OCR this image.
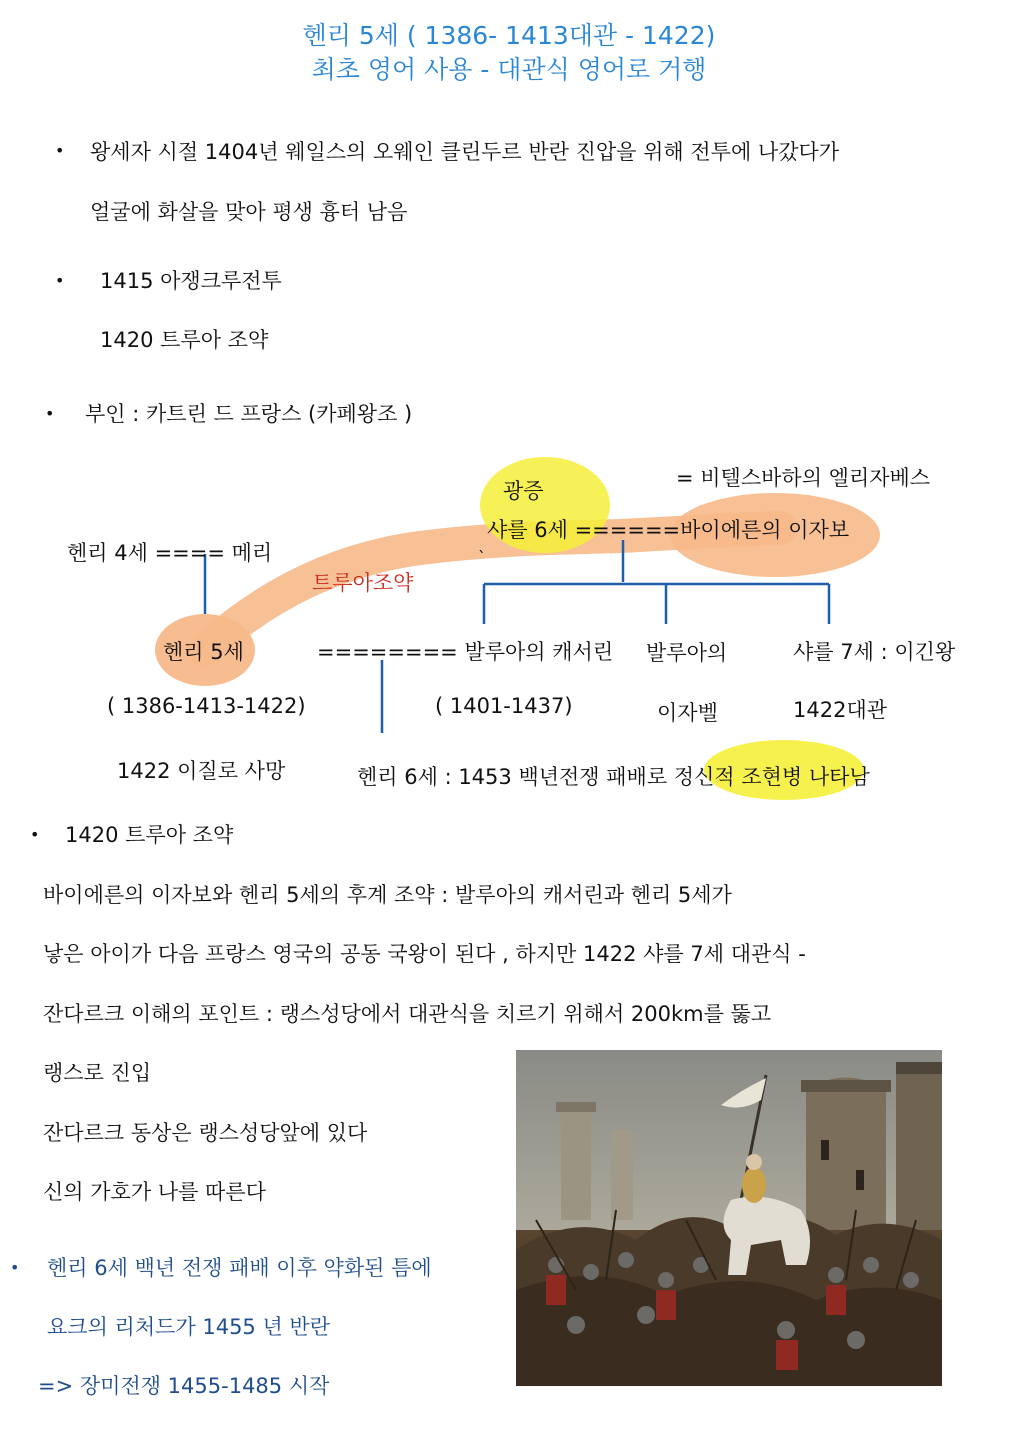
헨리 5세 ( 1386- 1413대관 - 1422)
최초 영어 사용 - 대관식 영어로 거행
• 왕세자 시절 1404년 웨일스의 오웨인 클린두르 반란 진압을 위해 전투에 나갔다가
얼굴에 화살을 맞아 평생 흉터 남음
• 1415 아쟁크루전투
1420 트루아 조약
• 부인 : 카트린 드 프랑스 (카페왕조 )
= 비텔스바하의 엘리자베스
광증
샤를 6세 ======바이에른의 이자보
헨리 4세 ==== 메리	`
트루아조약
헨리 5세	======== 발루아의 캐서린 발루아의	샤를 7세 : 이긴왕
( 1386-1413-1422)	( 1401-1437)	이자벨	1422대관
1422 이질로 사망	헨리 6세 : 1453 백년전쟁 패배로 정신적 조현병 나타남
• 1420 트루아 조약
바이에른의 이자보와 헨리 5세의 후계 조약 : 발루아의 캐서린과 헨리 5세가
낳은 아이가 다음 프랑스 영국의 공동 국왕이 된다 , 하지만 1422 샤를 7세 대관식 -
잔다르크 이해의 포인트 : 랭스성당에서 대관식을 치르기 위해서 200km를 뚫고
랭스로 진입
잔다르크 동상은 랭스성당앞에 있다
신의 가호가 나를 따른다
• 헨리 6세 백년 전쟁 패배 이후 약화된 틈에
요크의 리처드가 1455 년 반란
=> 장미전쟁 1455-1485 시작
